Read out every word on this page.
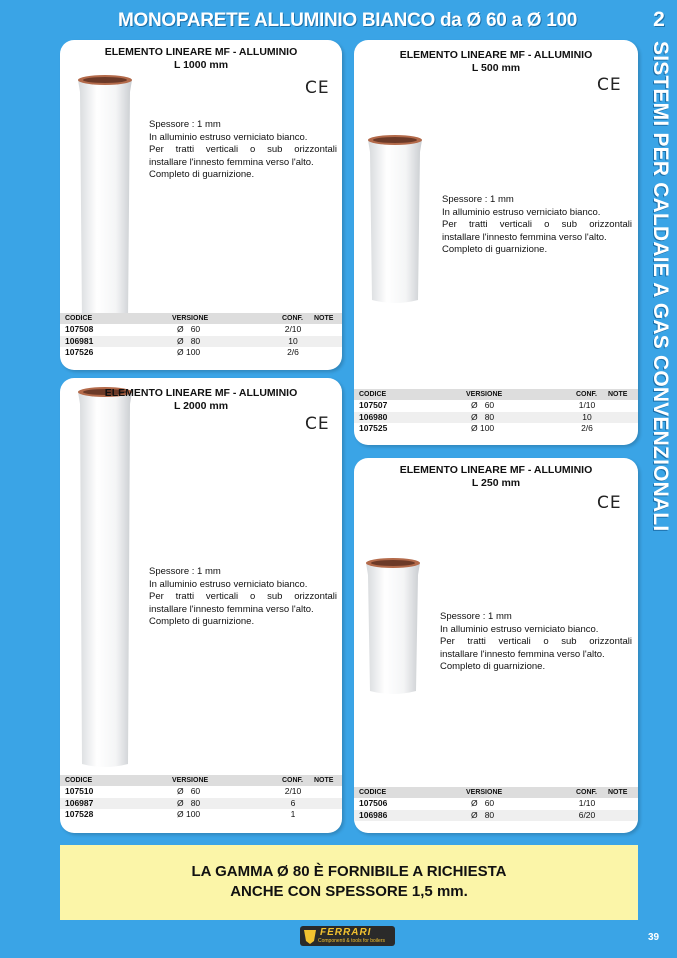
MONOPARETE ALLUMINIO BIANCO da Ø 60 a Ø 100	2
SISTEMI PER CALDAIE A GAS CONVENZIONALI
ELEMENTO LINEARE MF - ALLUMINIO
L 1000 mm
CE
Spessore : 1 mm
In alluminio estruso verniciato bianco.
Per tratti verticali o sub orizzontali
installare l'innesto femmina verso l'alto.
Completo di guarnizione.
CODICE	VERSIONE	CONF. NOTE
107508	Ø   60	2/10
106981	Ø   80	10
107526	Ø 100	2/6
ELEMENTO LINEARE MF - ALLUMINIO
L 500 mm
CE
Spessore : 1 mm
In alluminio estruso verniciato bianco.
Per tratti verticali o sub orizzontali
installare l'innesto femmina verso l'alto.
Completo di guarnizione.
CODICE	VERSIONE	CONF. NOTE
107507	Ø   60	1/10
106980	Ø   80	10
107525	Ø 100	2/6
ELEMENTO LINEARE MF - ALLUMINIO
L 2000 mm
CE
Spessore : 1 mm
In alluminio estruso verniciato bianco.
Per tratti verticali o sub orizzontali
installare l'innesto femmina verso l'alto.
Completo di guarnizione.
CODICE	VERSIONE	CONF. NOTE
107510	Ø   60	2/10
106987	Ø   80	6
107528	Ø 100	1
ELEMENTO LINEARE MF - ALLUMINIO
L 250 mm
CE
Spessore : 1 mm
In alluminio estruso verniciato bianco.
Per tratti verticali o sub orizzontali
installare l'innesto femmina verso l'alto.
Completo di guarnizione.
CODICE	VERSIONE	CONF. NOTE
107506	Ø   60	1/10
106986	Ø   80	6/20
LA GAMMA Ø 80 È FORNIBILE A RICHIESTA
ANCHE CON SPESSORE 1,5 mm.
FERRARI
Componenti & tools for boilers	39
